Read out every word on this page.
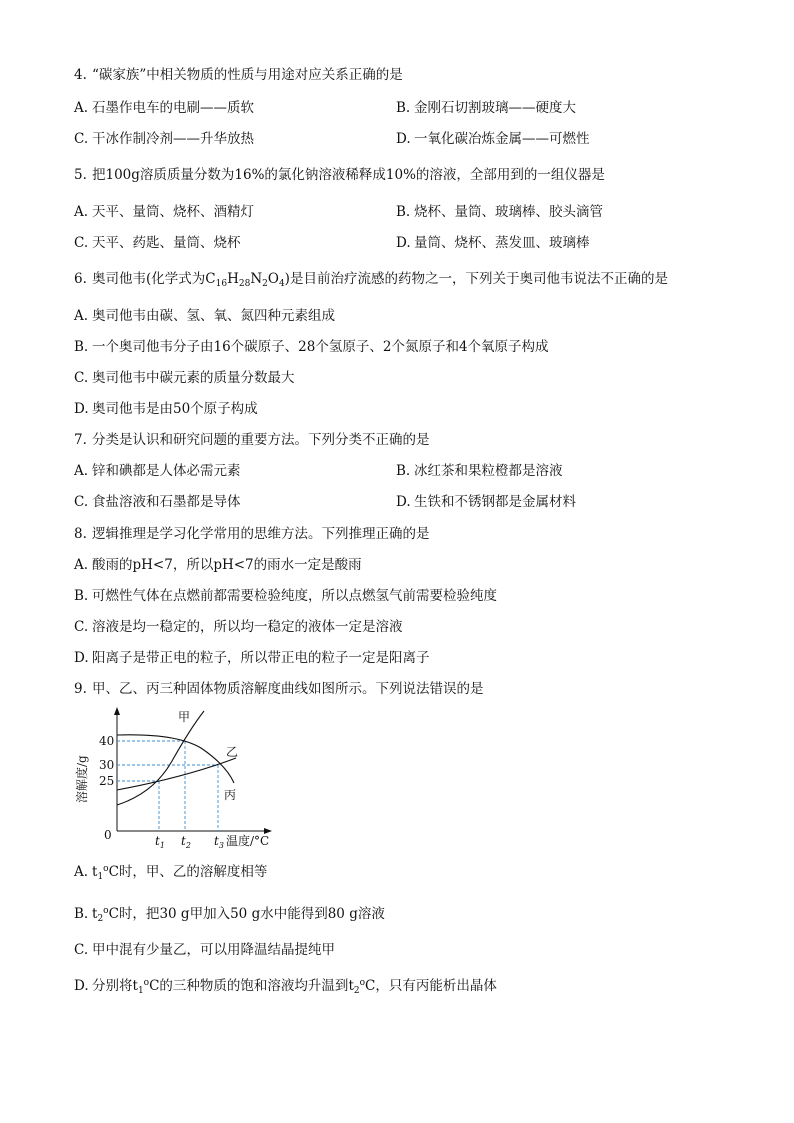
4. “碳家族”中相关物质的性质与用途对应关系正确的是
A. 石墨作电车的电刷——质软	B. 金刚石切割玻璃——硬度大
C. 干冰作制冷剂——升华放热	D. 一氧化碳冶炼金属——可燃性
5. 把100g溶质质量分数为16%的氯化钠溶液稀释成10%的溶液，全部用到的一组仪器是
A. 天平、量筒、烧杯、酒精灯	B. 烧杯、量筒、玻璃棒、胶头滴管
C. 天平、药匙、量筒、烧杯	D. 量筒、烧杯、蒸发皿、玻璃棒
6. 奥司他韦(化学式为$C_{16}H_{28}N_2O_4$)是目前治疗流感的药物之一，下列关于奥司他韦说法不正确的是
A. 奥司他韦由碳、氢、氧、氮四种元素组成
B. 一个奥司他韦分子由16个碳原子、28个氢原子、2个氮原子和4个氧原子构成
C. 奥司他韦中碳元素的质量分数最大
D. 奥司他韦是由50个原子构成
7. 分类是认识和研究问题的重要方法。下列分类不正确的是
A. 锌和碘都是人体必需元素	B. 冰红茶和果粒橙都是溶液
C. 食盐溶液和石墨都是导体	D. 生铁和不锈钢都是金属材料
8. 逻辑推理是学习化学常用的思维方法。下列推理正确的是
A. 酸雨的pH<7，所以pH<7的雨水一定是酸雨
B. 可燃性气体在点燃前都需要检验纯度，所以点燃氢气前需要检验纯度
C. 溶液是均一稳定的，所以均一稳定的液体一定是溶液
D. 阳离子是带正电的粒子，所以带正电的粒子一定是阳离子
9. 甲、乙、丙三种固体物质溶解度曲线如图所示。下列说法错误的是
甲
乙
丙
40
30
25
0	$t_1$ $t_2$ $t_3$ 温度/°C
溶解度/g
A. $t_1^oC$时，甲、乙的溶解度相等
B. $t_2^oC$时，把30 g甲加入50 g水中能得到80 g溶液
C. 甲中混有少量乙，可以用降温结晶提纯甲
D. 分别将$t_1^oC$的三种物质的饱和溶液均升温到$t_2^oC$，只有丙能析出晶体
